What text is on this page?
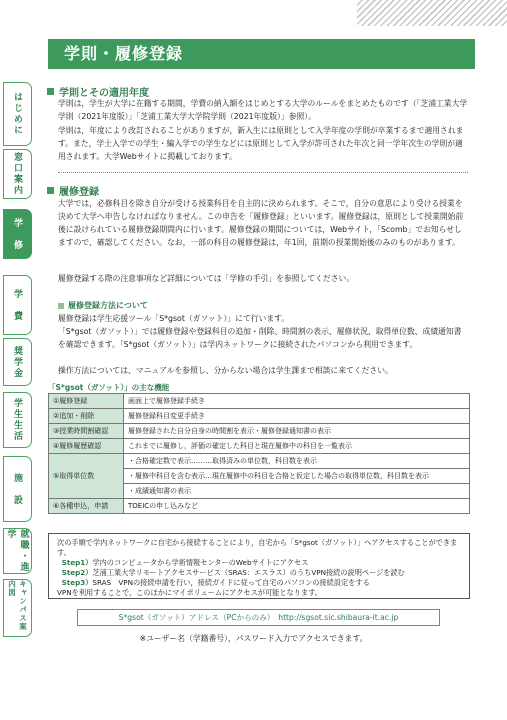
はじめに
窓口案内
学　修
学　費
奨学金
学生生活
施　設
就職・進学
キャンパス案内図
学則・履修登録
学則とその適用年度
学則は，学生が大学に在籍する期間，学費の納入額をはじめとする大学のルールをまとめたものです（「芝浦工業大学学則（2021年度版）」「芝浦工業大学大学院学則（2021年度版）」参照）。
学則は，年度により改訂されることがありますが，新入生には原則として入学年度の学則が卒業するまで適用されます。また，学士入学での学生・編入学での学生などには原則として入学が許可された年次と同一学年次生の学則が適用されます。大学Webサイトに掲載しております。
履修登録
大学では，必修科目を除き自分が受ける授業科目を自主的に決められます。そこで，自分の意思により受ける授業を決めて大学へ申告しなければなりません。この申告を「履修登録」といいます。履修登録は，原則として授業開始前後に設けられている履修登録期間内に行います。履修登録の期間については，Webサイト，「Scomb」でお知らせしますので，確認してください。なお，一部の科目の履修登録は，年1回，前期の授業開始後のみのものがあります。
履修登録する際の注意事項など詳細については「学修の手引」を参照してください。
履修登録方法について
履修登録は学生応援ツール「S*gsot（ガソット）」にて行います。
「S*gsot（ガソット）」では履修登録や登録科目の追加・削除、時間割の表示、履修状況、取得単位数、成績通知書を確認できます。「S*gsot（ガソット）」は学内ネットワークに接続されたパソコンから利用できます。
操作方法については、マニュアルを参照し、分からない場合は学生課まで相談に来てください。
「S*gsot（ガソット）」の主な機能
①履修登録	画面上で履修登録手続き
②追加・削除	履修登録科目変更手続き
③授業時間割確認	履修登録された自分自身の時間割を表示・履修登録通知書の表示
④履修履歴確認	これまでに履修し，評価の確定した科目と現在履修中の科目を一覧表示
⑤取得単位数	・合格確定数で表示………取得済みの単位数，科目数を表示
	・履修中科目を含む表示…現在履修中の科目を合格と仮定した場合の取得単位数，科目数を表示
	・成績通知書の表示
⑥各種申込，申請	TOEICの申し込みなど
次の手順で学内ネットワークに自宅から接続することにより，自宅から「S*gsot（ガソット）」へアクセスすることができます。
Step1）学内のコンピュータから学術情報センターのWebサイトにアクセス
Step2）芝浦工業大学リモートアクセスサービス（SRAS：エスラス）のうちVPN接続の説明ページを読む
Step3）SRAS　VPNの接続申請を行い，接続ガイドに従って自宅のパソコンの接続設定をする
VPNを利用することで，このほかにマイポリュームにアクセスが可能となります。
S*gsot（ガソット）アドレス（PCからのみ）　http://sgsot.sic.shibaura-it.ac.jp
※ユーザー名（学籍番号），パスワード入力でアクセスできます。
